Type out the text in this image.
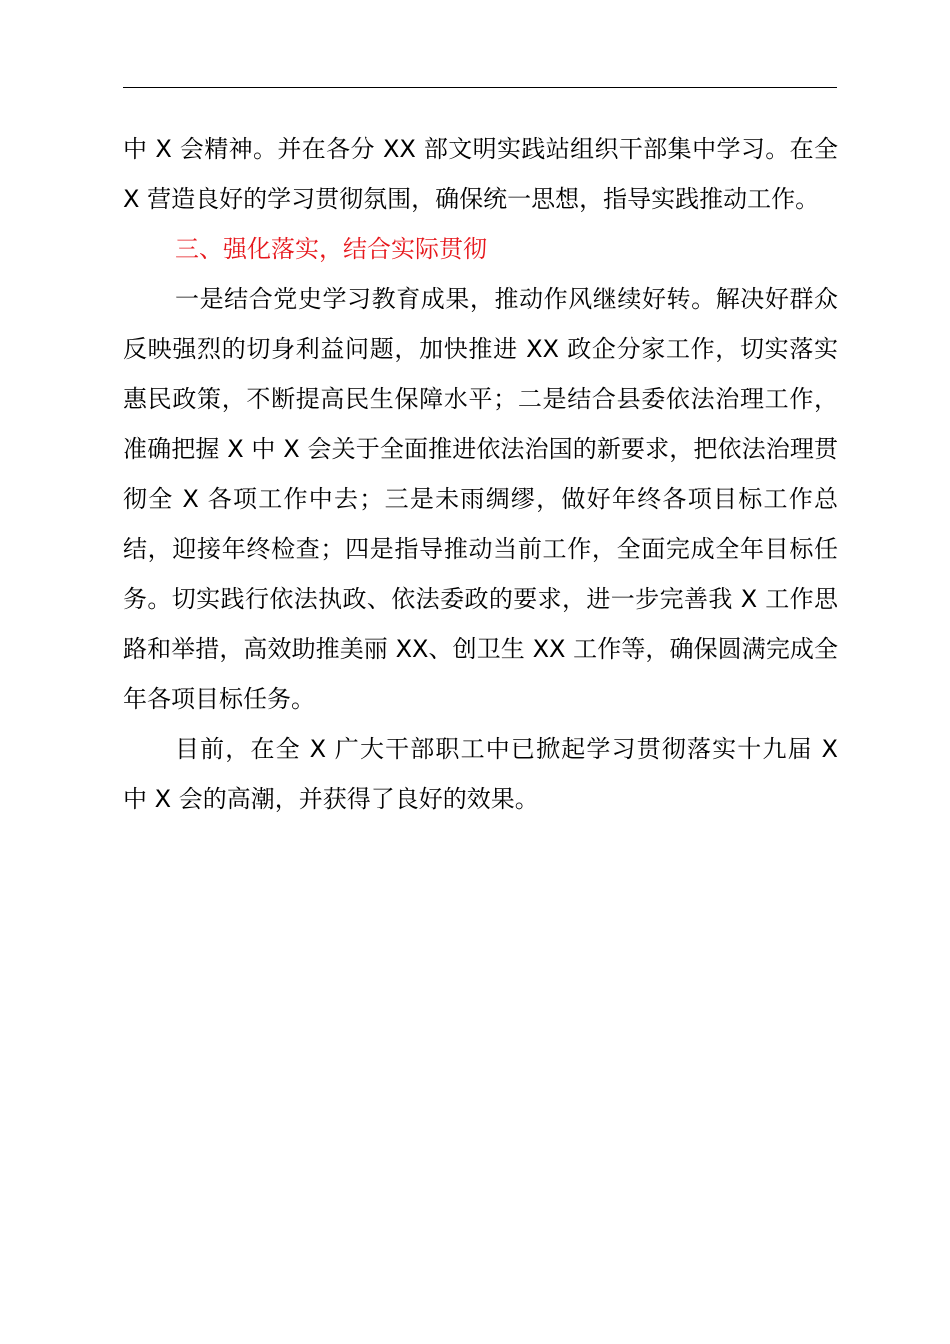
中 X 会精神。并在各分 XX 部文明实践站组织干部集中学习。在全 X 营造良好的学习贯彻氛围，确保统一思想，指导实践推动工作。

三、强化落实，结合实际贯彻

一是结合党史学习教育成果，推动作风继续好转。解决好群众反映强烈的切身利益问题，加快推进 XX 政企分家工作，切实落实惠民政策，不断提高民生保障水平；二是结合县委依法治理工作，准确把握 X 中 X 会关于全面推进依法治国的新要求，把依法治理贯彻全 X 各项工作中去；三是未雨绸缪，做好年终各项目标工作总结，迎接年终检查；四是指导推动当前工作，全面完成全年目标任务。切实践行依法执政、依法委政的要求，进一步完善我 X 工作思路和举措，高效助推美丽 XX、创卫生 XX 工作等，确保圆满完成全年各项目标任务。

目前，在全 X 广大干部职工中已掀起学习贯彻落实十九届 X 中 X 会的高潮，并获得了良好的效果。
